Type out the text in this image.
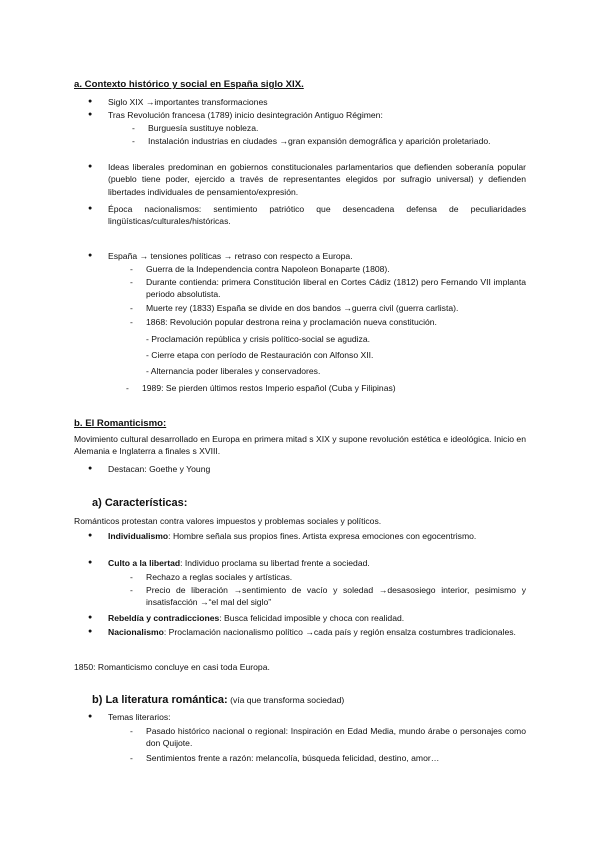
a. Contexto histórico y social en España siglo XIX.
● Siglo XIX →importantes transformaciones
● Tras Revolución francesa (1789) inicio desintegración Antiguo Régimen:
- Burguesía sustituye nobleza.
- Instalación industrias en ciudades →gran expansión demográfica y aparición proletariado.
● Ideas liberales predominan en gobiernos constitucionales parlamentarios que defienden soberanía popular (pueblo tiene poder, ejercido a través de representantes elegidos por sufragio universal) y defienden libertades individuales de pensamiento/expresión.
● Época nacionalismos: sentimiento patriótico que desencadena defensa de peculiaridades lingüísticas/culturales/históricas.
● España → tensiones políticas → retraso con respecto a Europa.
- Guerra de la Independencia contra Napoleon Bonaparte (1808).
- Durante contienda: primera Constitución liberal en Cortes Cádiz (1812) pero Fernando VII implanta periodo absolutista.
- Muerte rey (1833) España se divide en dos bandos →guerra civil (guerra carlista).
- 1868: Revolución popular destrona reina y proclamación nueva constitución.
- Proclamación república y crisis político-social se agudiza.
- Cierre etapa con período de Restauración con Alfonso XII.
- Alternancia poder liberales y conservadores.
- 1989: Se pierden últimos restos Imperio español (Cuba y Filipinas)
b. El Romanticismo:
Movimiento cultural desarrollado en Europa en primera mitad s XIX y supone revolución estética e ideológica. Inicio en Alemania e Inglaterra a finales s XVIII.
● Destacan: Goethe y Young
a) Características:
Románticos protestan contra valores impuestos y problemas sociales y políticos.
● Individualismo: Hombre señala sus propios fines. Artista expresa emociones con egocentrismo.
● Culto a la libertad: Individuo proclama su libertad frente a sociedad.
- Rechazo a reglas sociales y artísticas.
- Precio de liberación →sentimiento de vacío y soledad →desasosiego interior, pesimismo y insatisfacción →“el mal del siglo”
● Rebeldía y contradicciones: Busca felicidad imposible y choca con realidad.
● Nacionalismo: Proclamación nacionalismo político →cada país y región ensalza costumbres tradicionales.
1850: Romanticismo concluye en casi toda Europa.
b) La literatura romántica: (vía que transforma sociedad)
● Temas literarios:
- Pasado histórico nacional o regional: Inspiración en Edad Media, mundo árabe o personajes como don Quijote.
- Sentimientos frente a razón: melancolía, búsqueda felicidad, destino, amor…
